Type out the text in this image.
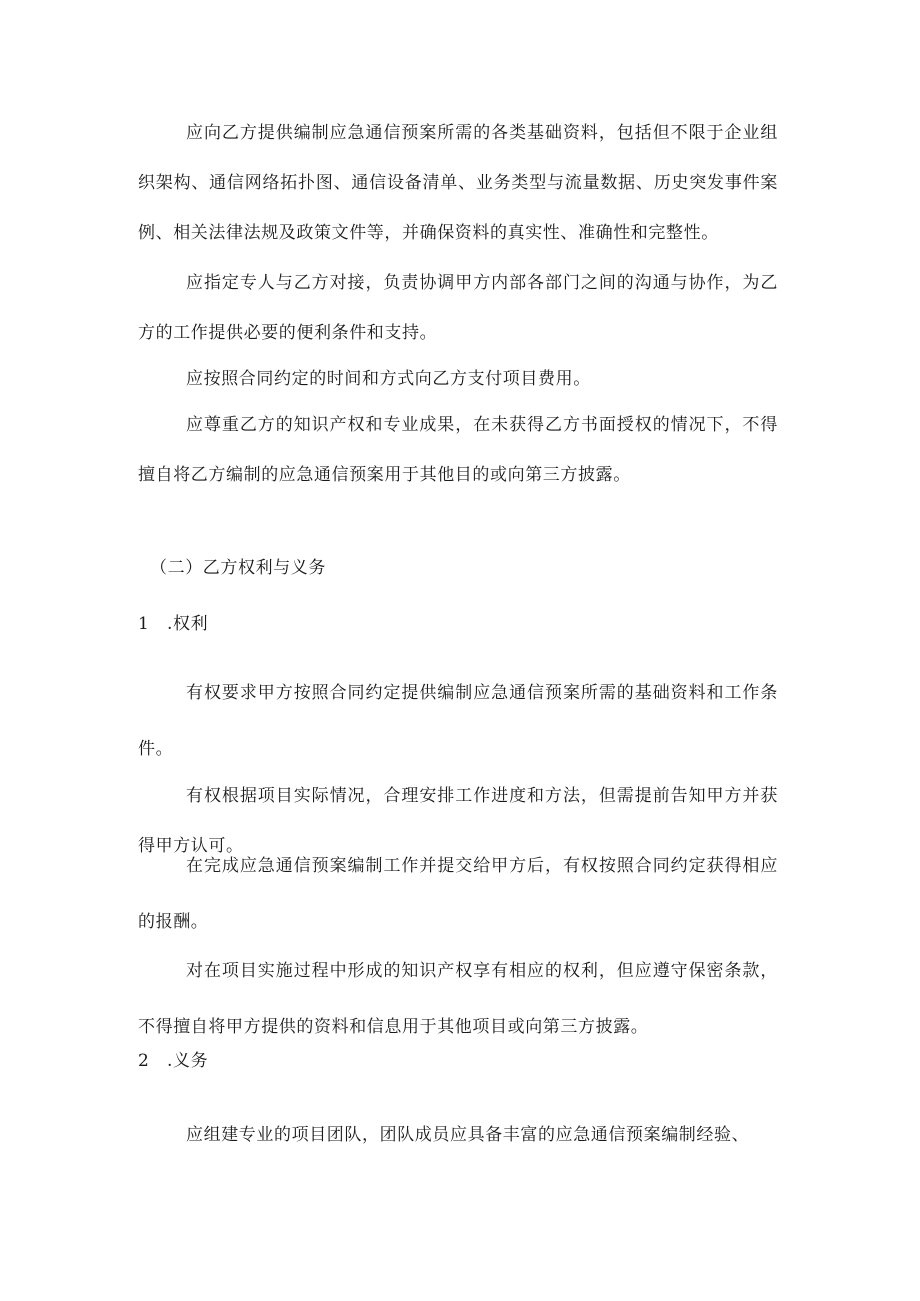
应向乙方提供编制应急通信预案所需的各类基础资料，包括但不限于企业组织架构、通信网络拓扑图、通信设备清单、业务类型与流量数据、历史突发事件案例、相关法律法规及政策文件等，并确保资料的真实性、准确性和完整性。

应指定专人与乙方对接，负责协调甲方内部各部门之间的沟通与协作，为乙方的工作提供必要的便利条件和支持。

应按照合同约定的时间和方式向乙方支付项目费用。

应尊重乙方的知识产权和专业成果，在未获得乙方书面授权的情况下，不得擅自将乙方编制的应急通信预案用于其他目的或向第三方披露。

（二）乙方权利与义务

1　.权利

有权要求甲方按照合同约定提供编制应急通信预案所需的基础资料和工作条件。

有权根据项目实际情况，合理安排工作进度和方法，但需提前告知甲方并获得甲方认可。

在完成应急通信预案编制工作并提交给甲方后，有权按照合同约定获得相应的报酬。

对在项目实施过程中形成的知识产权享有相应的权利，但应遵守保密条款，不得擅自将甲方提供的资料和信息用于其他项目或向第三方披露。

2　.义务

应组建专业的项目团队，团队成员应具备丰富的应急通信预案编制经验、
